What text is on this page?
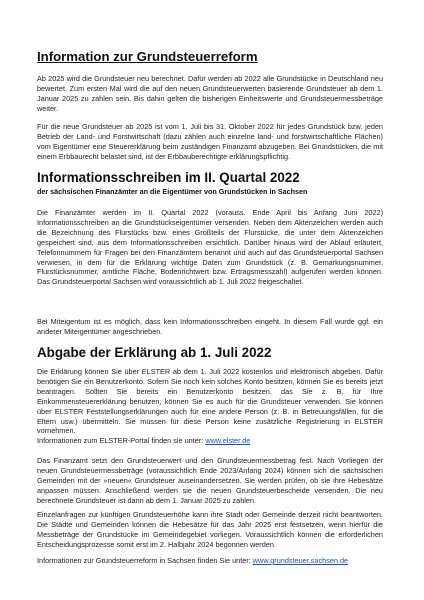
Information zur Grundsteuerreform

Ab 2025 wird die Grundsteuer neu berechnet. Dafür werden ab 2022 alle Grundstücke in Deutschland neu bewertet. Zum ersten Mal wird die auf den neuen Grundsteuerwerten basierende Grundsteuer ab dem 1. Januar 2025 zu zahlen sein. Bis dahin gelten die bisherigen Einheitswerte und Grundsteuermessbeträge weiter.

Für die neue Grundsteuer ab 2025 ist vom 1. Juli bis 31. Oktober 2022 für jedes Grundstück bzw. jeden Betrieb der Land- und Forstwirtschaft (dazu zählen auch einzelne land- und forstwirtschaftliche Flächen) vom Eigentümer eine Steuererklärung beim zuständigen Finanzamt abzugeben. Bei Grundstücken, die mit einem Erbbaurecht belastet sind, ist der Erbbauberechtigte erklärungspflichtig.

Informationsschreiben im II. Quartal 2022

der sächsischen Finanzämter an die Eigentümer von Grundstücken in Sachsen

Die Finanzämter werden im II. Quartal 2022 (vorauss. Ende April bis Anfang Juni 2022) Informationsschreiben an die Grundstückseigentümer versenden. Neben dem Aktenzeichen werden auch die Bezeichnung des Flurstücks bzw. eines Großteils der Flurstücke, die unter dem Aktenzeichen gespeichert sind, aus dem Informationsschreiben ersichtlich. Darüber hinaus wird der Ablauf erläutert, Telefonnummern für Fragen bei den Finanzämtern benannt und auch auf das Grundsteuerportal Sachsen verwiesen, in dem für die Erklärung wichtige Daten zum Grundstück (z. B. Gemarkungsnummer, Flurstücksnummer, amtliche Fläche, Bodenrichtwert bzw. Ertragsmesszahl) aufgerufen werden können. Das Grundsteuerportal Sachsen wird voraussichtlich ab 1. Juli 2022 freigeschaltet.

Bei Miteigentum ist es möglich, dass kein Informationsschreiben eingeht. In diesem Fall wurde ggf. ein anderer Miteigentümer angeschrieben.

Abgabe der Erklärung ab 1. Juli 2022

Die Erklärung können Sie über ELSTER ab dem 1. Juli 2022 kostenlos und elektronisch abgeben. Dafür benötigen Sie ein Benutzerkonto. Sofern Sie noch kein solches Konto besitzen, können Sie es bereits jetzt beantragen. Sollten Sie bereits ein Benutzerkonto besitzen, das Sie z. B. für Ihre Einkommensteuererklärung benutzen, können Sie es auch für die Grundsteuer verwenden. Sie können über ELSTER Feststellungserklärungen auch für eine andere Person (z. B. in Betreuungsfällen, für die Eltern usw.) übermitteln. Sie müssen für diese Person keine zusätzliche Registrierung in ELSTER vornehmen.

Informationen zum ELSTER-Portal finden sie unter: www.elster.de

Das Finanzamt setzt den Grundsteuerwert und den Grundsteuermessbetrag fest. Nach Vorliegen der neuen Grundsteuermessbeträge (voraussichtlich Ende 2023/Anfang 2024) können sich die sächsischen Gemeinden mit der »neuen« Grundsteuer auseinandersetzen. Sie werden prüfen, ob sie ihre Hebesätze anpassen müssen. Anschließend werden sie die neuen Grundsteuerbescheide versenden. Die neu berechnete Grundsteuer ist dann ab dem 1. Januar 2025 zu zahlen.

Einzelanfragen zur künftigen Grundsteuerhöhe kann ihre Stadt oder Gemeinde derzeit nicht beantworten. Die Städte und Gemeinden können die Hebesätze für das Jahr 2025 erst festsetzen, wenn hierfür die Messbeträge der Grundstücke im Gemeindegebiet vorliegen. Voraussichtlich können die erforderlichen Entscheidungsprozesse somit erst im 2. Halbjahr 2024 begonnen werden.

Informationen zur Grundsteuerreform in Sachsen finden Sie unter: www.grundsteuer.sachsen.de
